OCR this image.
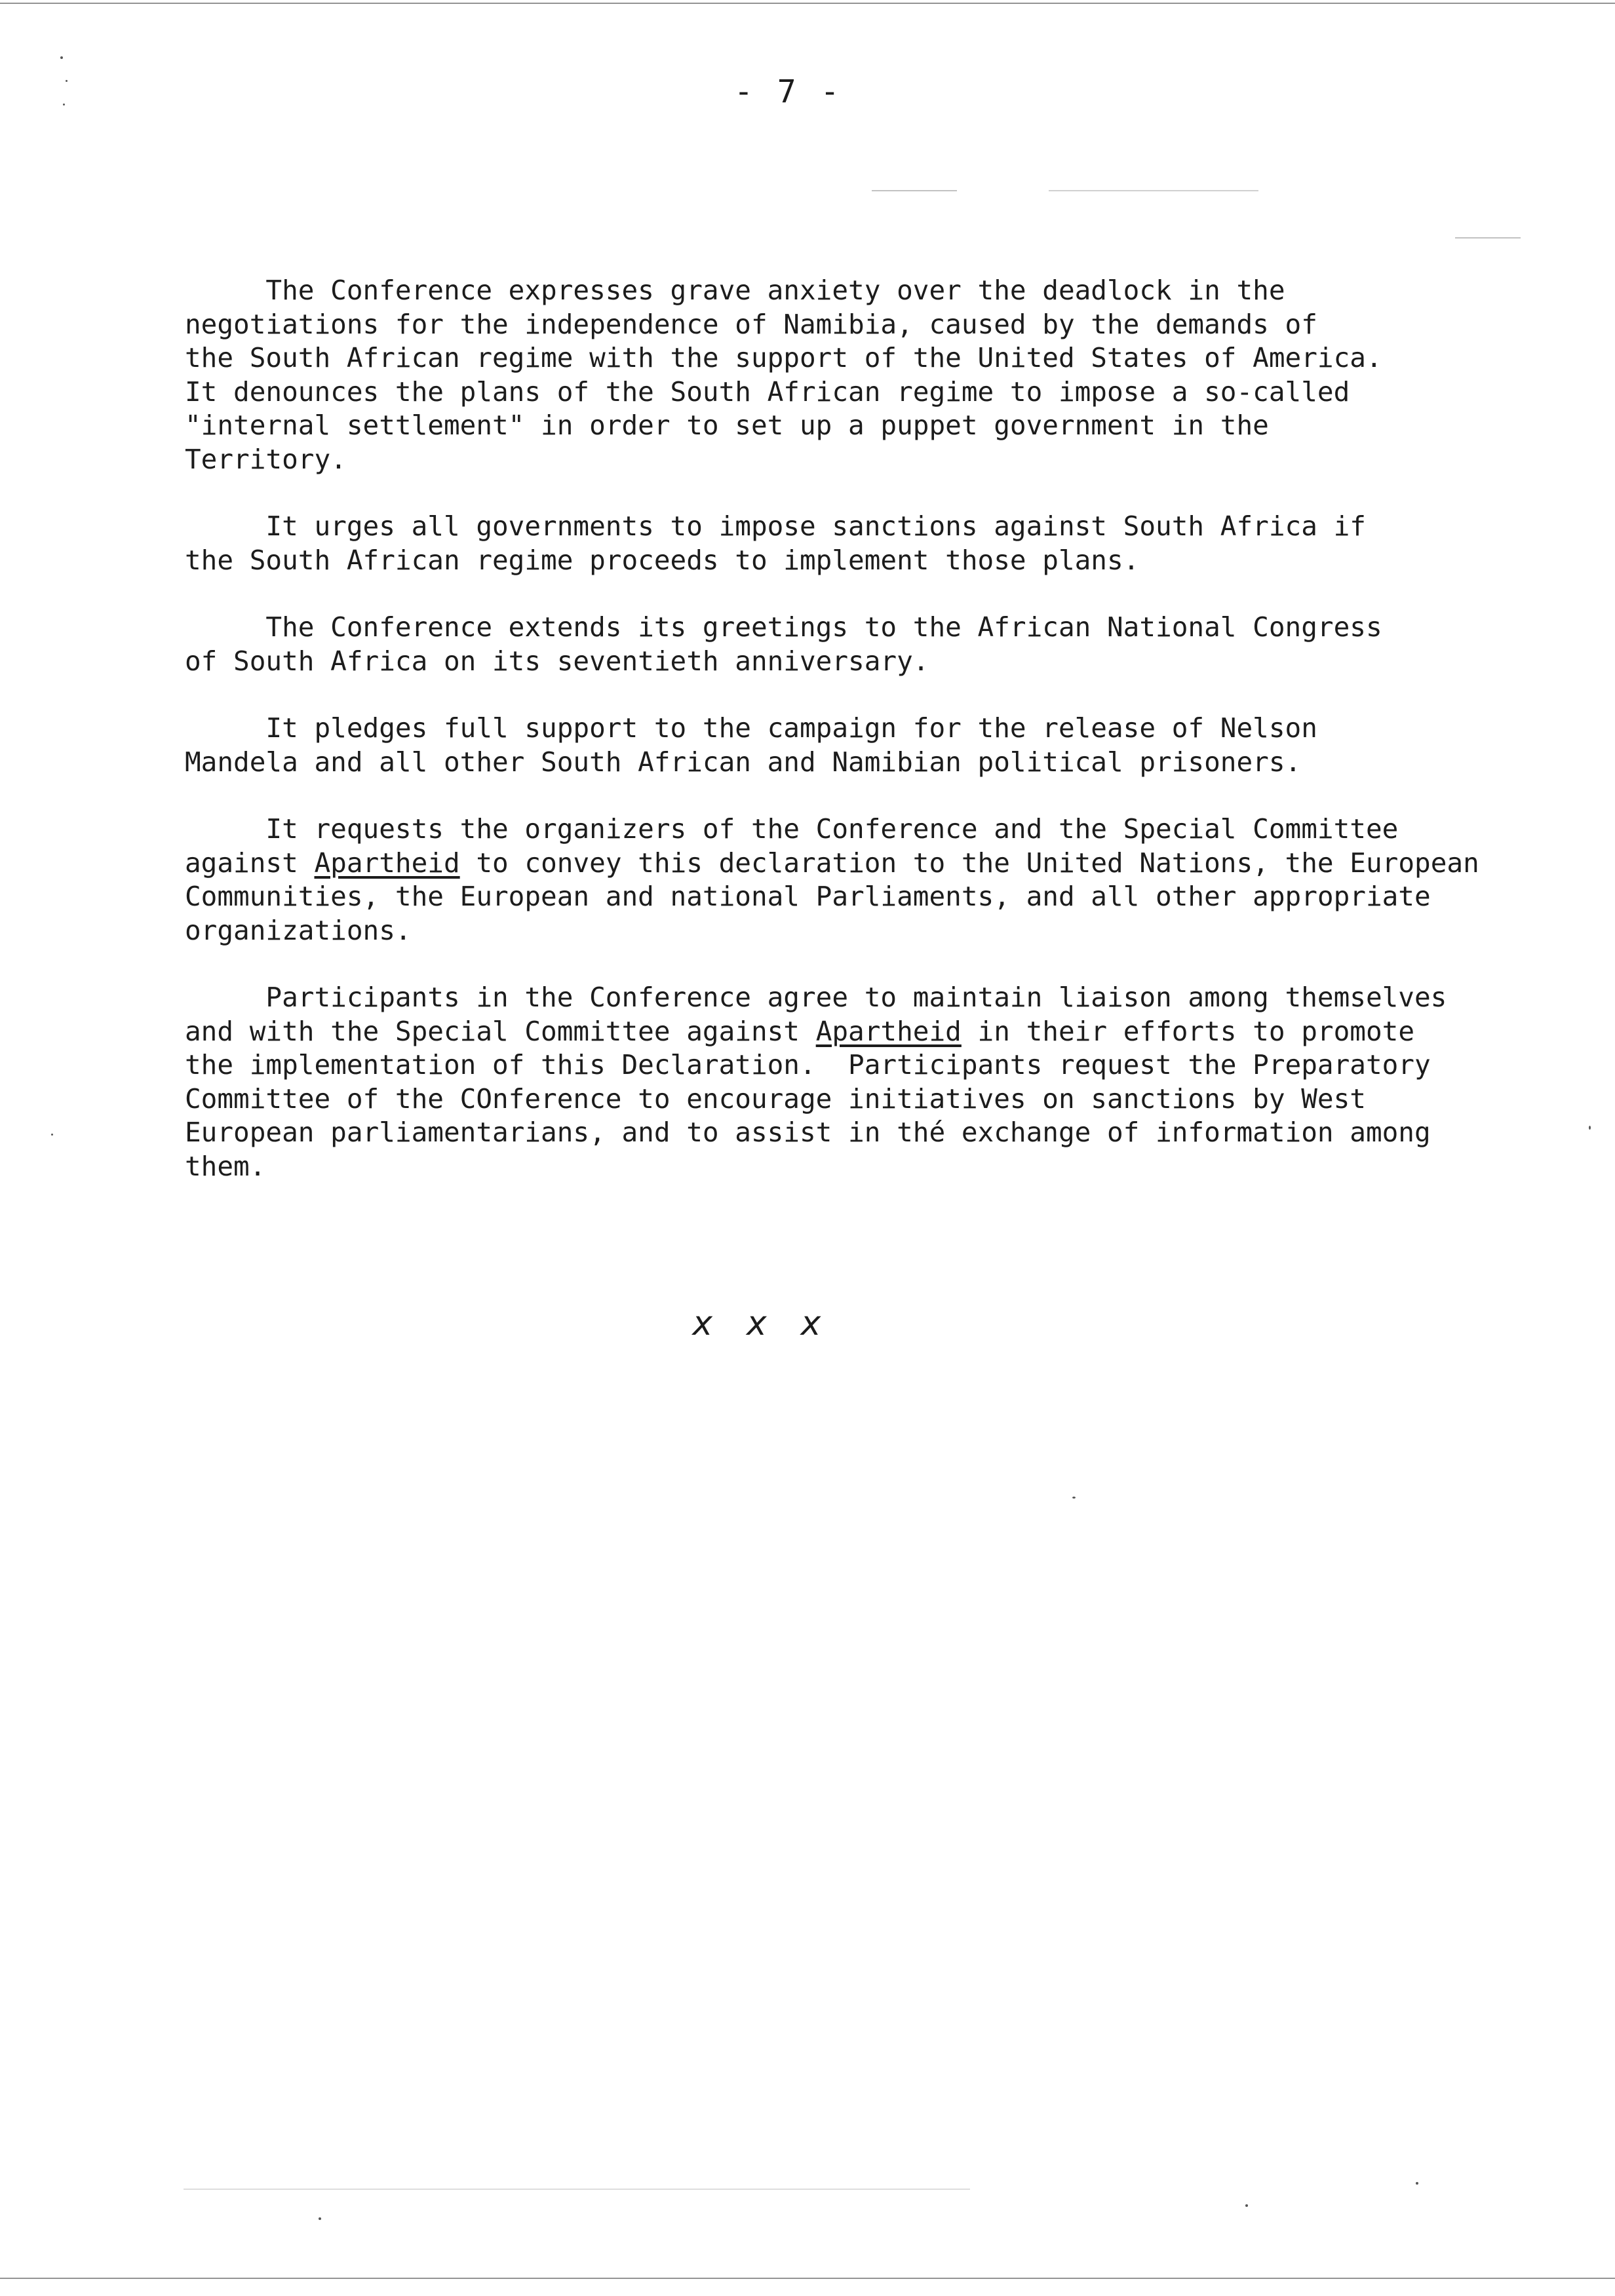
- 7 -

The Conference expresses grave anxiety over the deadlock in the
negotiations for the independence of Namibia, caused by the demands of
the South African regime with the support of the United States of America.
It denounces the plans of the South African regime to impose a so-called
"internal settlement" in order to set up a puppet government in the
Territory.

It urges all governments to impose sanctions against South Africa if
the South African regime proceeds to implement those plans.

The Conference extends its greetings to the African National Congress
of South Africa on its seventieth anniversary.

It pledges full support to the campaign for the release of Nelson
Mandela and all other South African and Namibian political prisoners.

It requests the organizers of the Conference and the Special Committee
against Apartheid to convey this declaration to the United Nations, the European
Communities, the European and national Parliaments, and all other appropriate
organizations.

Participants in the Conference agree to maintain liaison among themselves
and with the Special Committee against Apartheid in their efforts to promote
the implementation of this Declaration.  Participants request the Preparatory
Committee of the COnference to encourage initiatives on sanctions by West
European parliamentarians, and to assist in thé exchange of information among
them.

x x x
